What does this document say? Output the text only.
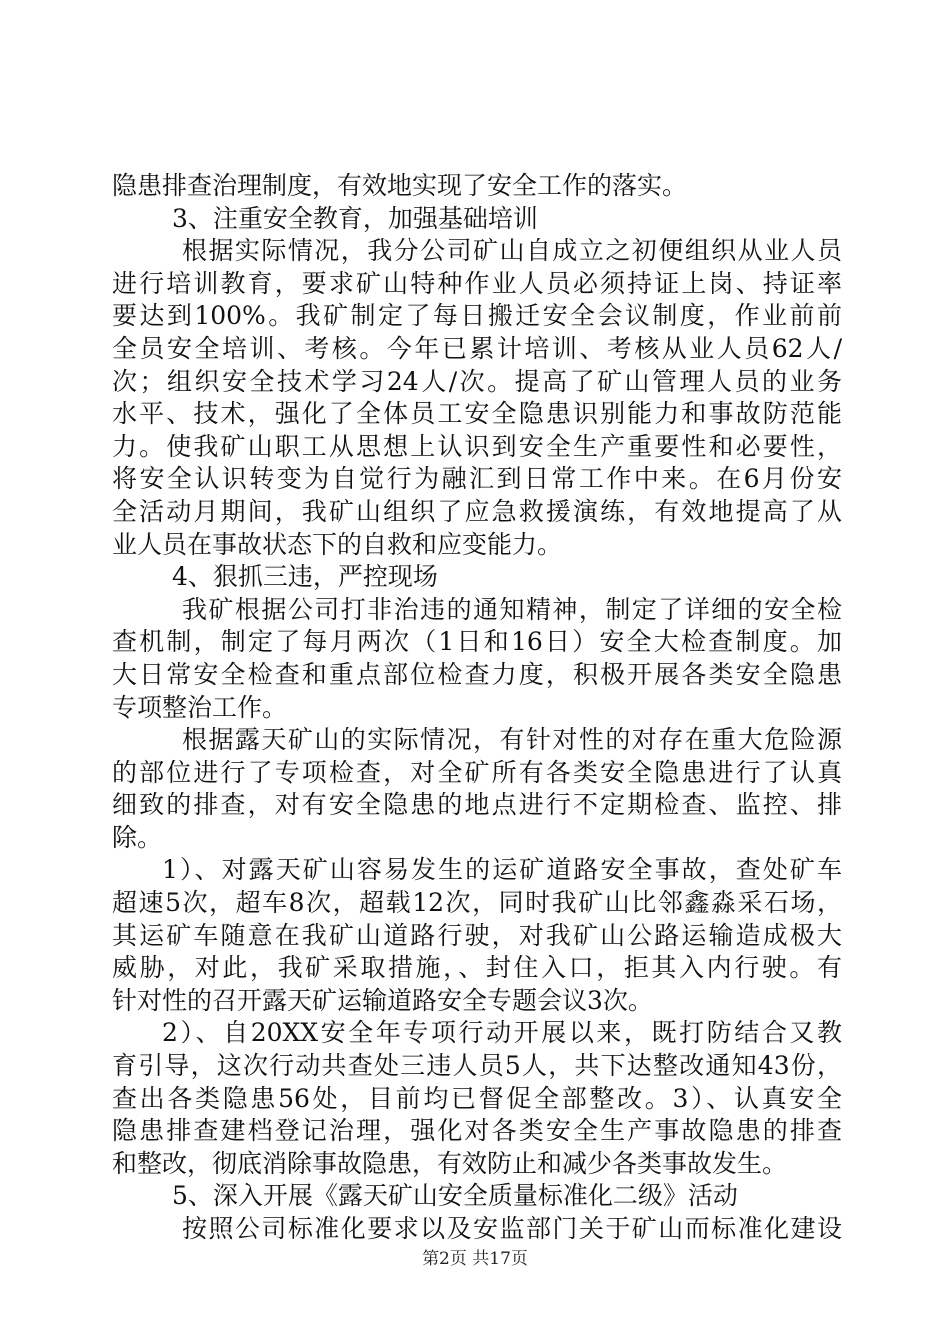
隐患排查治理制度，有效地实现了安全工作的落实。
3、注重安全教育，加强基础培训
根据实际情况，我分公司矿山自成立之初便组织从业人员
进行培训教育，要求矿山特种作业人员必须持证上岗、持证率
要达到100%。我矿制定了每日搬迁安全会议制度，作业前前
全员安全培训、考核。今年已累计培训、考核从业人员62人/
次；组织安全技术学习24人/次。提高了矿山管理人员的业务
水平、技术，强化了全体员工安全隐患识别能力和事故防范能
力。使我矿山职工从思想上认识到安全生产重要性和必要性，
将安全认识转变为自觉行为融汇到日常工作中来。在6月份安
全活动月期间，我矿山组织了应急救援演练，有效地提高了从
业人员在事故状态下的自救和应变能力。
4、狠抓三违，严控现场
我矿根据公司打非治违的通知精神，制定了详细的安全检
查机制，制定了每月两次（1日和16日）安全大检查制度。加
大日常安全检查和重点部位检查力度，积极开展各类安全隐患
专项整治工作。
根据露天矿山的实际情况，有针对性的对存在重大危险源
的部位进行了专项检查，对全矿所有各类安全隐患进行了认真
细致的排查，对有安全隐患的地点进行不定期检查、监控、排
除。
1）、对露天矿山容易发生的运矿道路安全事故，查处矿车
超速5次，超车8次，超载12次，同时我矿山比邻鑫淼采石场，
其运矿车随意在我矿山道路行驶，对我矿山公路运输造成极大
威胁，对此，我矿采取措施，、封住入口，拒其入内行驶。有
针对性的召开露天矿运输道路安全专题会议3次。
2）、自20XX安全年专项行动开展以来，既打防结合又教
育引导，这次行动共查处三违人员5人，共下达整改通知43份，
查出各类隐患56处，目前均已督促全部整改。3）、认真安全
隐患排查建档登记治理，强化对各类安全生产事故隐患的排查
和整改，彻底消除事故隐患，有效防止和减少各类事故发生。
5、深入开展《露天矿山安全质量标准化二级》活动
按照公司标准化要求以及安监部门关于矿山而标准化建设
第2页 共17页
